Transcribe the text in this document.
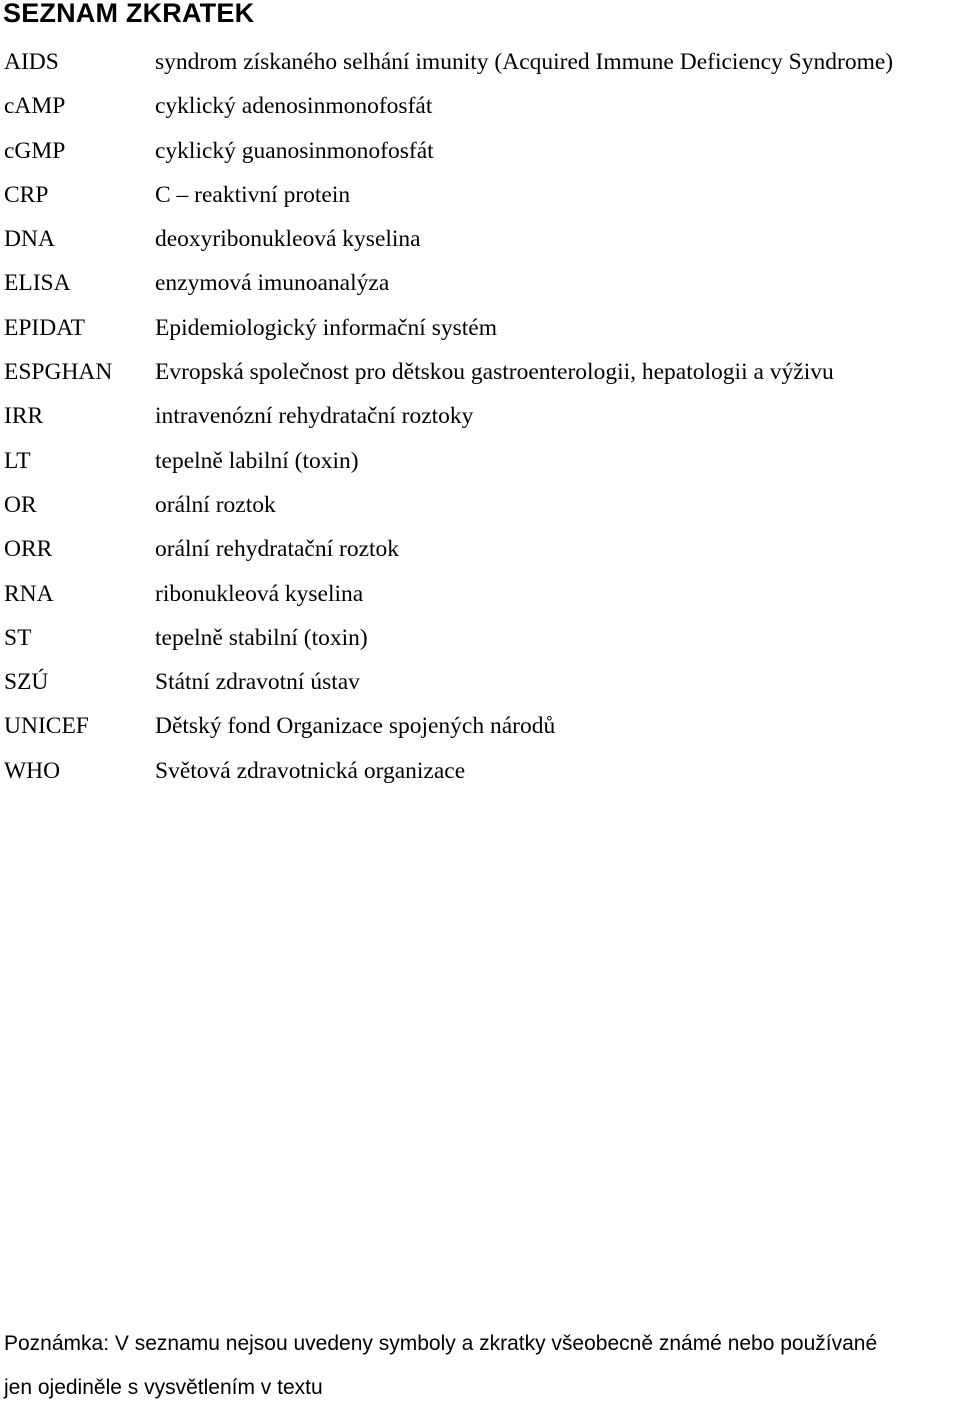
SEZNAM ZKRATEK
AIDS	syndrom získaného selhání imunity (Acquired Immune Deficiency Syndrome)
cAMP	cyklický adenosinmonofosfát
cGMP	cyklický guanosinmonofosfát
CRP	C – reaktivní protein
DNA	deoxyribonukleová kyselina
ELISA	enzymová imunoanalýza
EPIDAT	Epidemiologický informační systém
ESPGHAN Evropská společnost pro dětskou gastroenterologii, hepatologii a výživu
IRR	intravenózní rehydratační roztoky
LT	tepelně labilní (toxin)
OR	orální roztok
ORR	orální rehydratační roztok
RNA	ribonukleová kyselina
ST	tepelně stabilní (toxin)
SZÚ	Státní zdravotní ústav
UNICEF	Dětský fond Organizace spojených národů
WHO	Světová zdravotnická organizace
Poznámka: V seznamu nejsou uvedeny symboly a zkratky všeobecně známé nebo používané
jen ojediněle s vysvětlením v textu
